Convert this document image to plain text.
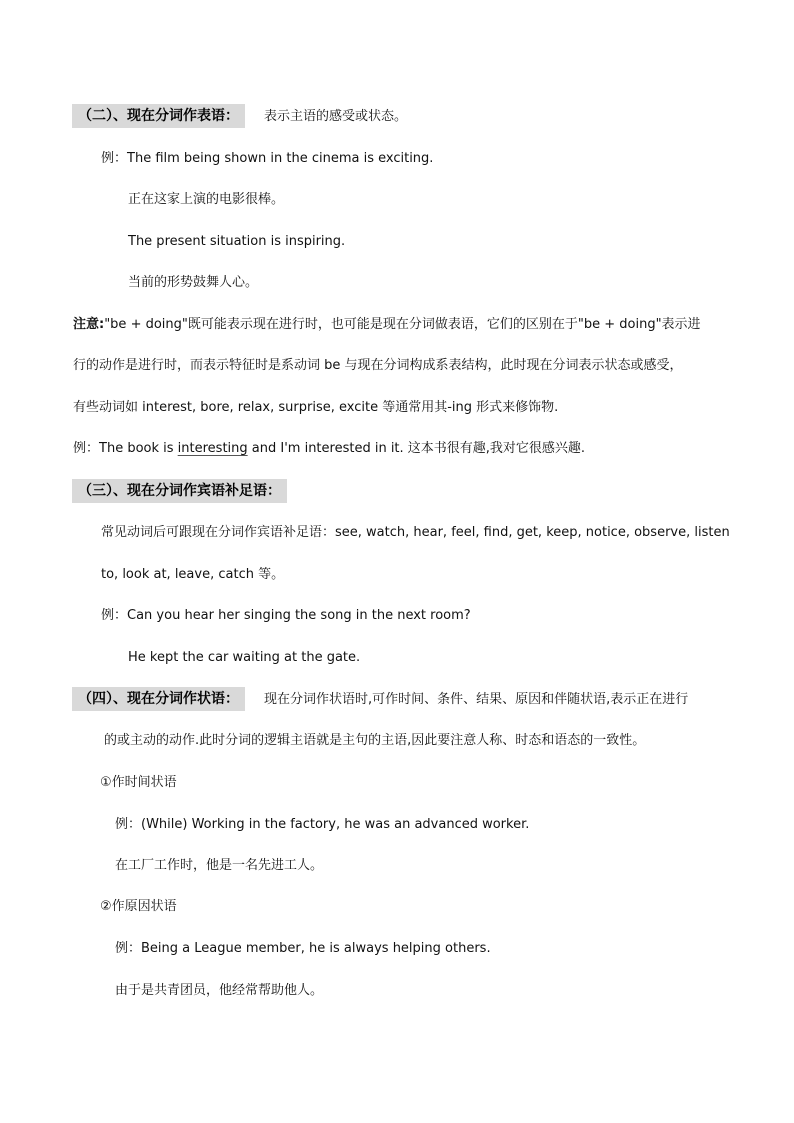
（二）、现在分词作表语：	表示主语的感受或状态。
例：The film being shown in the cinema is exciting.
正在这家上演的电影很棒。
The present situation is inspiring.
当前的形势鼓舞人心。
注意:"be + doing"既可能表示现在进行时，也可能是现在分词做表语，它们的区别在于"be + doing"表示进
行的动作是进行时，而表示特征时是系动词 be 与现在分词构成系表结构，此时现在分词表示状态或感受，
有些动词如 interest, bore, relax, surprise, excite 等通常用其-ing 形式来修饰物.
例：The book is interesting and I'm interested in it. 这本书很有趣,我对它很感兴趣.
（三）、现在分词作宾语补足语：
常见动词后可跟现在分词作宾语补足语：see, watch, hear, feel, find, get, keep, notice, observe, listen
to, look at, leave, catch 等。
例：Can you hear her singing the song in the next room?
He kept the car waiting at the gate.
（四）、现在分词作状语：	现在分词作状语时,可作时间、条件、结果、原因和伴随状语,表示正在进行
的或主动的动作.此时分词的逻辑主语就是主句的主语,因此要注意人称、时态和语态的一致性。
①作时间状语
例：(While) Working in the factory, he was an advanced worker.
在工厂工作时，他是一名先进工人。
②作原因状语
例：Being a League member, he is always helping others.
由于是共青团员，他经常帮助他人。
